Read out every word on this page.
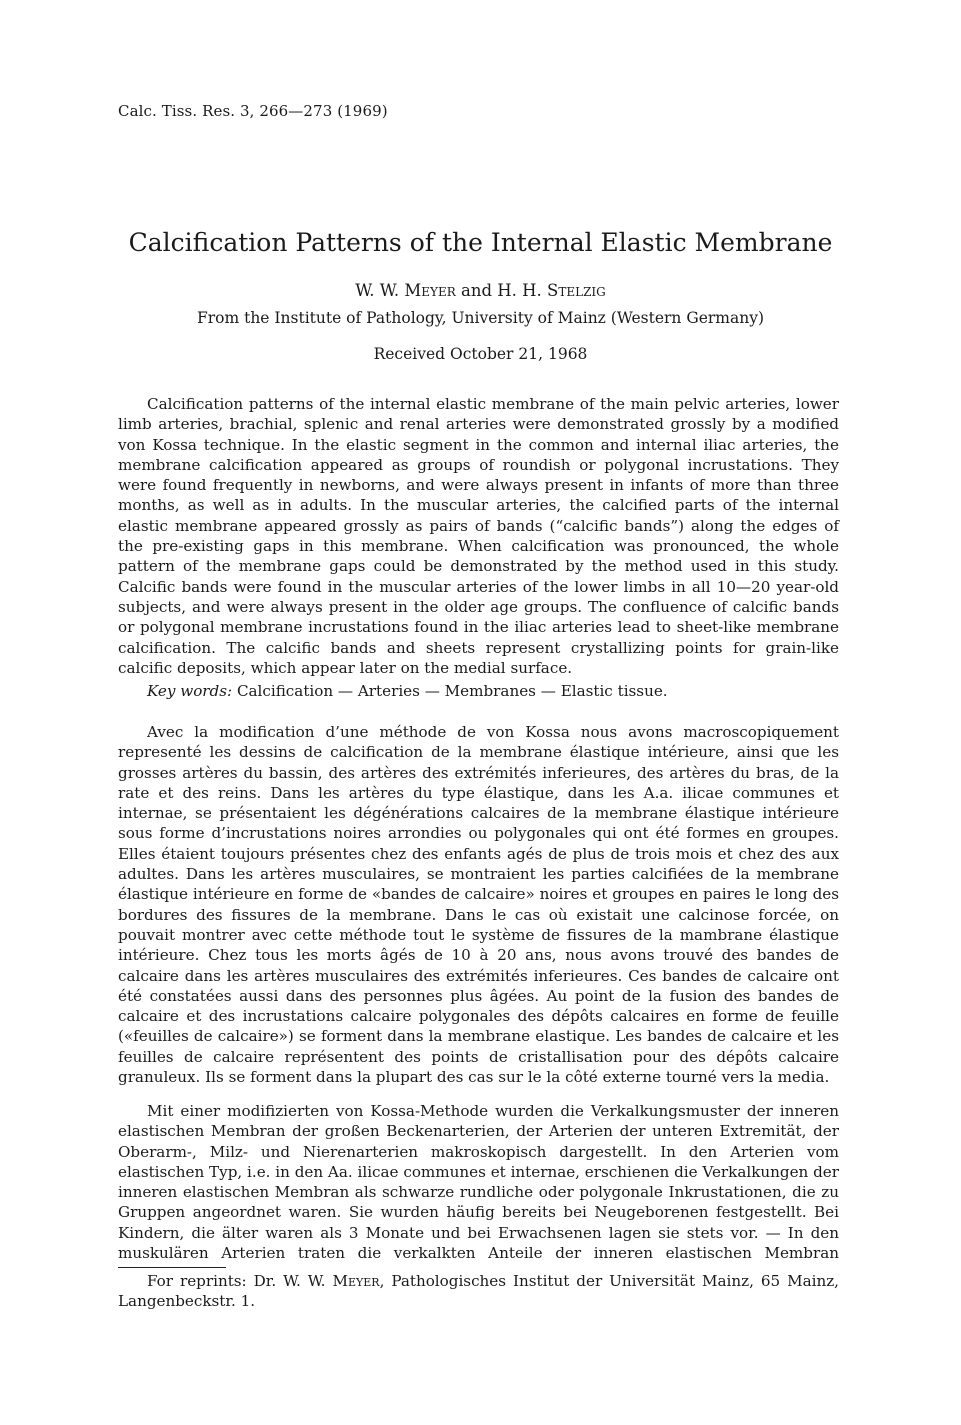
Calc. Tiss. Res. 3, 266—273 (1969)
Calcification Patterns of the Internal Elastic Membrane
W. W. Meyer and H. H. Stelzig
From the Institute of Pathology, University of Mainz (Western Germany)
Received October 21, 1968

Calcification patterns of the internal elastic membrane of the main pelvic arteries, lower limb arteries, brachial, splenic and renal arteries were demonstrated grossly by a modified von Kossa technique. In the elastic segment in the common and internal iliac arteries, the membrane calcification appeared as groups of roundish or polygonal incrustations. They were found frequently in newborns, and were always present in infants of more than three months, as well as in adults. In the muscular arteries, the calcified parts of the internal elastic membrane appeared grossly as pairs of bands (“calcific bands”) along the edges of the pre-existing gaps in this membrane. When calcification was pronounced, the whole pattern of the membrane gaps could be demonstrated by the method used in this study. Calcific bands were found in the muscular arteries of the lower limbs in all 10—20 year-old subjects, and were always present in the older age groups. The confluence of calcific bands or polygonal membrane incrustations found in the iliac arteries lead to sheet-like membrane calcification. The calcific bands and sheets represent crystallizing points for grain-like calcific deposits, which appear later on the medial surface.

Key words: Calcification — Arteries — Membranes — Elastic tissue.

Avec la modification d’une méthode de von Kossa nous avons macroscopiquement representé les dessins de calcification de la membrane élastique intérieure, ainsi que les grosses artères du bassin, des artères des extrémités inferieures, des artères du bras, de la rate et des reins. Dans les artères du type élastique, dans les A.a. ilicae communes et internae, se présentaient les dégénérations calcaires de la membrane élastique intérieure sous forme d’incrustations noires arrondies ou polygonales qui ont été formes en groupes. Elles étaient toujours présentes chez des enfants agés de plus de trois mois et chez des aux adultes. Dans les artères musculaires, se montraient les parties calcifiées de la membrane élastique intérieure en forme de «bandes de calcaire» noires et groupes en paires le long des bordures des fissures de la membrane. Dans le cas où existait une calcinose forcée, on pouvait montrer avec cette méthode tout le système de fissures de la mambrane élastique intérieure. Chez tous les morts âgés de 10 à 20 ans, nous avons trouvé des bandes de calcaire dans les artères musculaires des extrémités inferieures. Ces bandes de calcaire ont été constatées aussi dans des personnes plus âgées. Au point de la fusion des bandes de calcaire et des incrustations calcaire polygonales des dépôts calcaires en forme de feuille («feuilles de calcaire») se forment dans la membrane elastique. Les bandes de calcaire et les feuilles de calcaire représentent des points de cristallisation pour des dépôts calcaire granuleux. Ils se forment dans la plupart des cas sur le la côté externe tourné vers la media.

Mit einer modifizierten von Kossa-Methode wurden die Verkalkungsmuster der inneren elastischen Membran der großen Beckenarterien, der Arterien der unteren Extremität, der Oberarm-, Milz- und Nierenarterien makroskopisch dargestellt. In den Arterien vom elastischen Typ, i.e. in den Aa. ilicae communes et internae, erschienen die Verkalkungen der inneren elastischen Membran als schwarze rundliche oder polygonale Inkrustationen, die zu Gruppen angeordnet waren. Sie wurden häufig bereits bei Neugeborenen festgestellt. Bei Kindern, die älter waren als 3 Monate und bei Erwachsenen lagen sie stets vor. — In den muskulären Arterien traten die verkalkten Anteile der inneren elastischen Membran

For reprints: Dr. W. W. Meyer, Pathologisches Institut der Universität Mainz, 65 Mainz, Langenbeckstr. 1.
